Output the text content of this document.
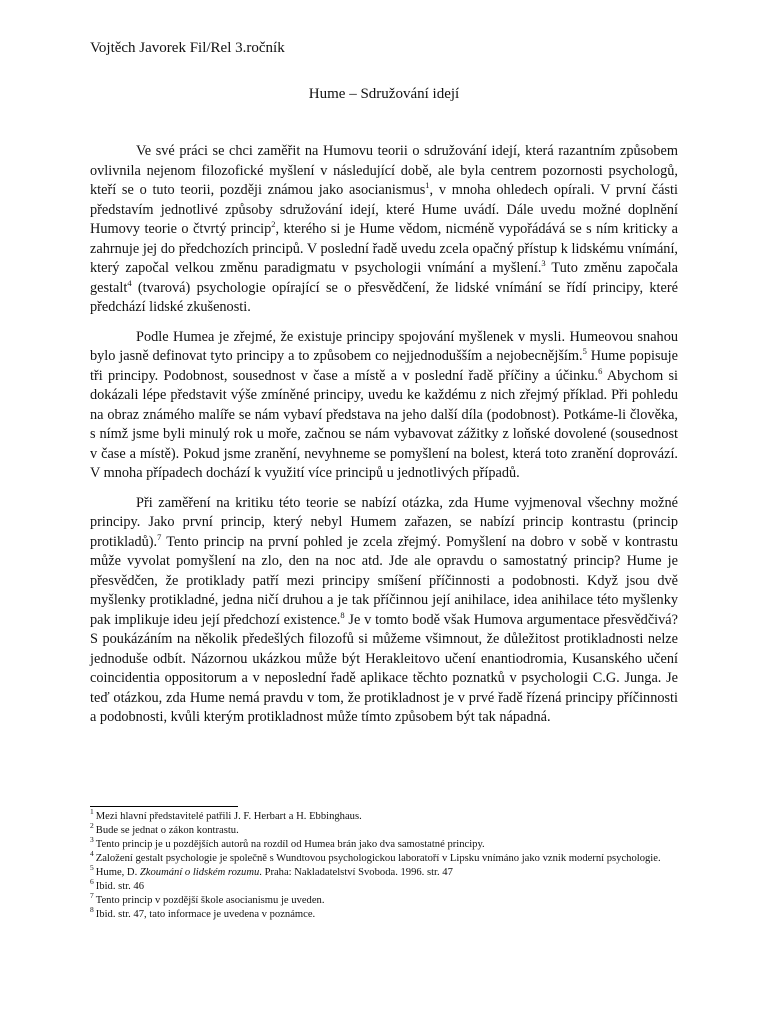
Vojtěch Javorek Fil/Rel 3.ročník
Hume – Sdružování idejí

Ve své práci se chci zaměřit na Humovu teorii o sdružování idejí, která razantním způsobem ovlivnila nejenom filozofické myšlení v následující době, ale byla centrem pozornosti psychologů, kteří se o tuto teorii, později známou jako asocianismus$^1$, v mnoha ohledech opírali. V první části představím jednotlivé způsoby sdružování idejí, které Hume uvádí. Dále uvedu možné doplnění Humovy teorie o čtvrtý princip$^2$, kterého si je Hume vědom, nicméně vypořádává se s ním kriticky a zahrnuje jej do předchozích principů. V poslední řadě uvedu zcela opačný přístup k lidskému vnímání, který započal velkou změnu paradigmatu v psychologii vnímání a myšlení.$^3$ Tuto změnu započala gestalt$^4$ (tvarová) psychologie opírající se o přesvědčení, že lidské vnímání se řídí principy, které předchází lidské zkušenosti.

Podle Humea je zřejmé, že existuje principy spojování myšlenek v mysli. Humeovou snahou bylo jasně definovat tyto principy a to způsobem co nejjednodušším a nejobecnějším.$^5$ Hume popisuje tři principy. Podobnost, sousednost v čase a místě a v poslední řadě příčiny a účinku.$^6$ Abychom si dokázali lépe představit výše zmíněné principy, uvedu ke každému z nich zřejmý příklad. Při pohledu na obraz známého malíře se nám vybaví představa na jeho další díla (podobnost). Potkáme-li člověka, s nímž jsme byli minulý rok u moře, začnou se nám vybavovat zážitky z loňské dovolené (sousednost v čase a místě). Pokud jsme zranění, nevyhneme se pomyšlení na bolest, která toto zranění doprovází. V mnoha případech dochází k využití více principů u jednotlivých případů.

Při zaměření na kritiku této teorie se nabízí otázka, zda Hume vyjmenoval všechny možné principy. Jako první princip, který nebyl Humem zařazen, se nabízí princip kontrastu (princip protikladů).$^7$ Tento princip na první pohled je zcela zřejmý. Pomyšlení na dobro v sobě v kontrastu může vyvolat pomyšlení na zlo, den na noc atd. Jde ale opravdu o samostatný princip? Hume je přesvědčen, že protiklady patří mezi principy smíšení příčinnosti a podobnosti. Když jsou dvě myšlenky protikladné, jedna ničí druhou a je tak příčinnou její anihilace, idea anihilace této myšlenky pak implikuje ideu její předchozí existence.$^8$ Je v tomto bodě však Humova argumentace přesvědčivá? S poukázáním na několik předešlých filozofů si můžeme všimnout, že důležitost protikladnosti nelze jednoduše odbít. Názornou ukázkou může být Herakleitovo učení enantiodromia, Kusanského učení coincidentia oppositorum a v neposlední řadě aplikace těchto poznatků v psychologii C.G. Junga. Je teď otázkou, zda Hume nemá pravdu v tom, že protikladnost je v prvé řadě řízená principy příčinnosti a podobnosti, kvůli kterým protikladnost může tímto způsobem být tak nápadná.

$^1$ Mezi hlavní představitelé patřili J. F. Herbart a H. Ebbinghaus.
$^2$ Bude se jednat o zákon kontrastu.
$^3$ Tento princip je u pozdějších autorů na rozdíl od Humea brán jako dva samostatné principy.
$^4$ Založení gestalt psychologie je společně s Wundtovou psychologickou laboratoří v Lipsku vnímáno jako vznik moderní psychologie.
$^5$ Hume, D. Zkoumání o lidském rozumu. Praha: Nakladatelství Svoboda. 1996. str. 47
$^6$ Ibid. str. 46
$^7$ Tento princip v pozdější škole asocianismu je uveden.
$^8$ Ibid. str. 47, tato informace je uvedena v poznámce.
